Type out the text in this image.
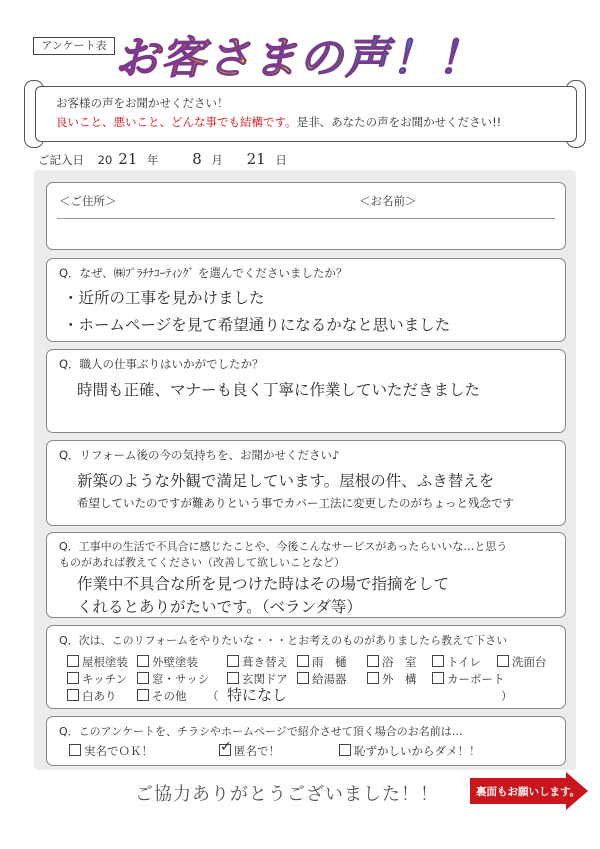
アンケート表 お客さまの声！！
お客様の声をお聞かせください！
良いこと、悪いこと、どんな事でも結構です。是非、あなたの声をお聞かせください!!
ご記入日 20 21 年 8 月 21 日
＜ご住所＞	＜お名前＞
Q．なぜ、㈱ﾌﾟﾗﾁﾅｺｰﾃｨﾝｸﾞ を選んでくださいましたか？
・近所の工事を見かけました
・ホームページを見て希望通りになるかなと思いました
Q．職人の仕事ぶりはいかがでしたか？
時間も正確、マナーも良く丁寧に作業していただきました
Q．リフォーム後の今の気持ちを、お聞かせください♪
新築のような外観で満足しています。屋根の件、ふき替えを
希望していたのですが難ありという事でカバー工法に変更したのがちょっと残念です
Q．工事中の生活で不具合に感じたことや、今後こんなサービスがあったらいいな…と思う
ものがあれば教えてください（改善して欲しいことなど）
作業中不具合な所を見つけた時はその場で指摘をして
くれるとありがたいです。（ベランダ等）
Q．次は、このリフォームをやりたいな・・・とお考えのものがありましたら教えて下さい
屋根塗装	外壁塗装	葺き替え	雨　樋	浴　室	トイレ	洗面台
キッチン	窓・サッシ	玄関ドア	給湯器	外　構	カーポート
白あり	その他 （ 特になし	）
Q．このアンケートを、チラシやホームページで紹介させて頂く場合のお名前は…
実名でＯＫ！	✓ 匿名で！	恥ずかしいからダメ！！
ご協力ありがとうございました！！	裏面もお願いします。
